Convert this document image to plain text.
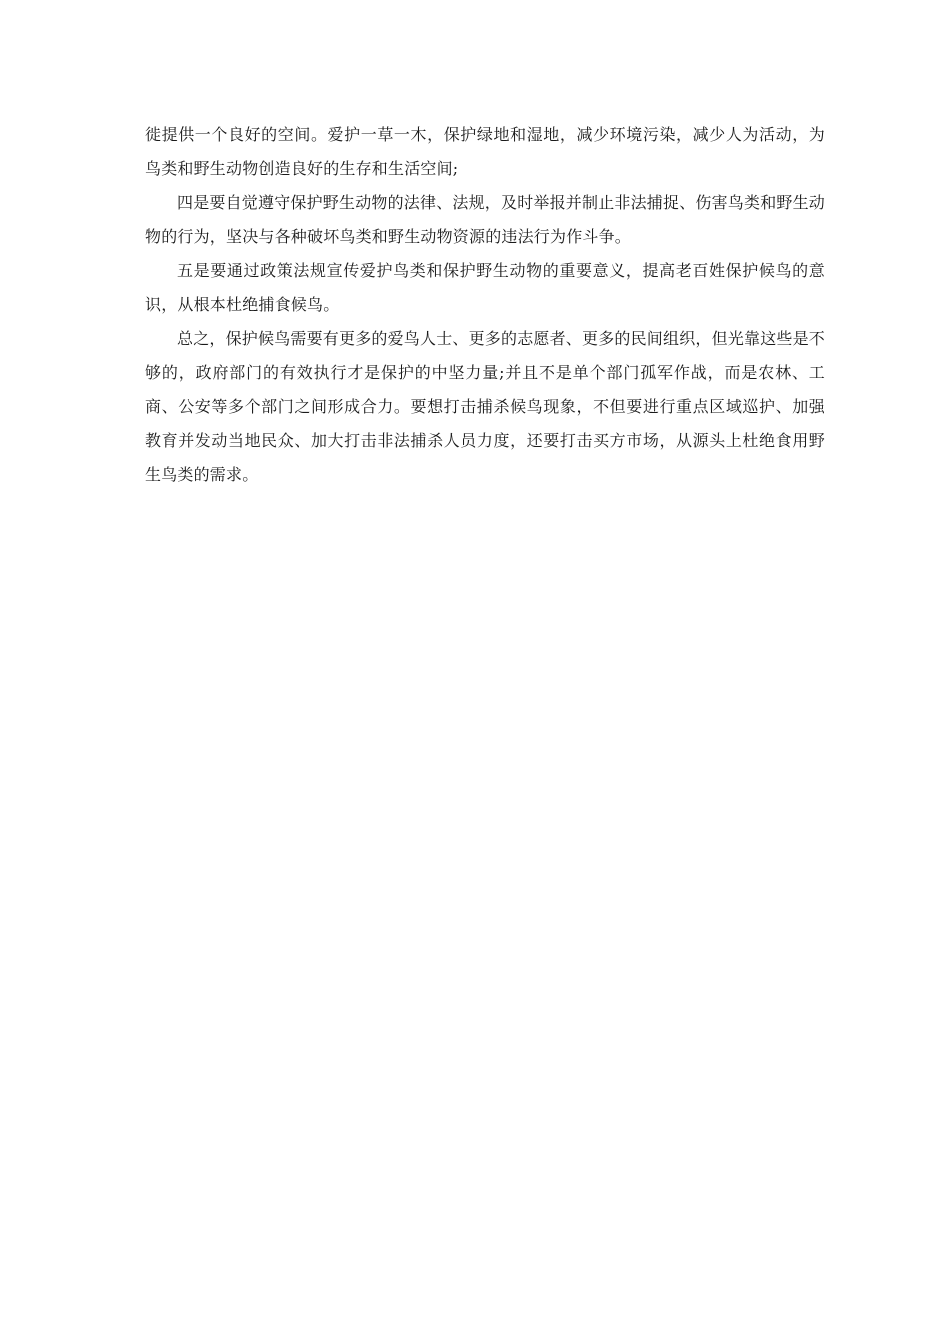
徙提供一个良好的空间。爱护一草一木，保护绿地和湿地，减少环境污染，减少人为活动，为鸟类和野生动物创造良好的生存和生活空间;

四是要自觉遵守保护野生动物的法律、法规，及时举报并制止非法捕捉、伤害鸟类和野生动物的行为，坚决与各种破坏鸟类和野生动物资源的违法行为作斗争。

五是要通过政策法规宣传爱护鸟类和保护野生动物的重要意义，提高老百姓保护候鸟的意识，从根本杜绝捕食候鸟。

总之，保护候鸟需要有更多的爱鸟人士、更多的志愿者、更多的民间组织，但光靠这些是不够的，政府部门的有效执行才是保护的中坚力量;并且不是单个部门孤军作战，而是农林、工商、公安等多个部门之间形成合力。要想打击捕杀候鸟现象，不但要进行重点区域巡护、加强教育并发动当地民众、加大打击非法捕杀人员力度，还要打击买方市场，从源头上杜绝食用野生鸟类的需求。
